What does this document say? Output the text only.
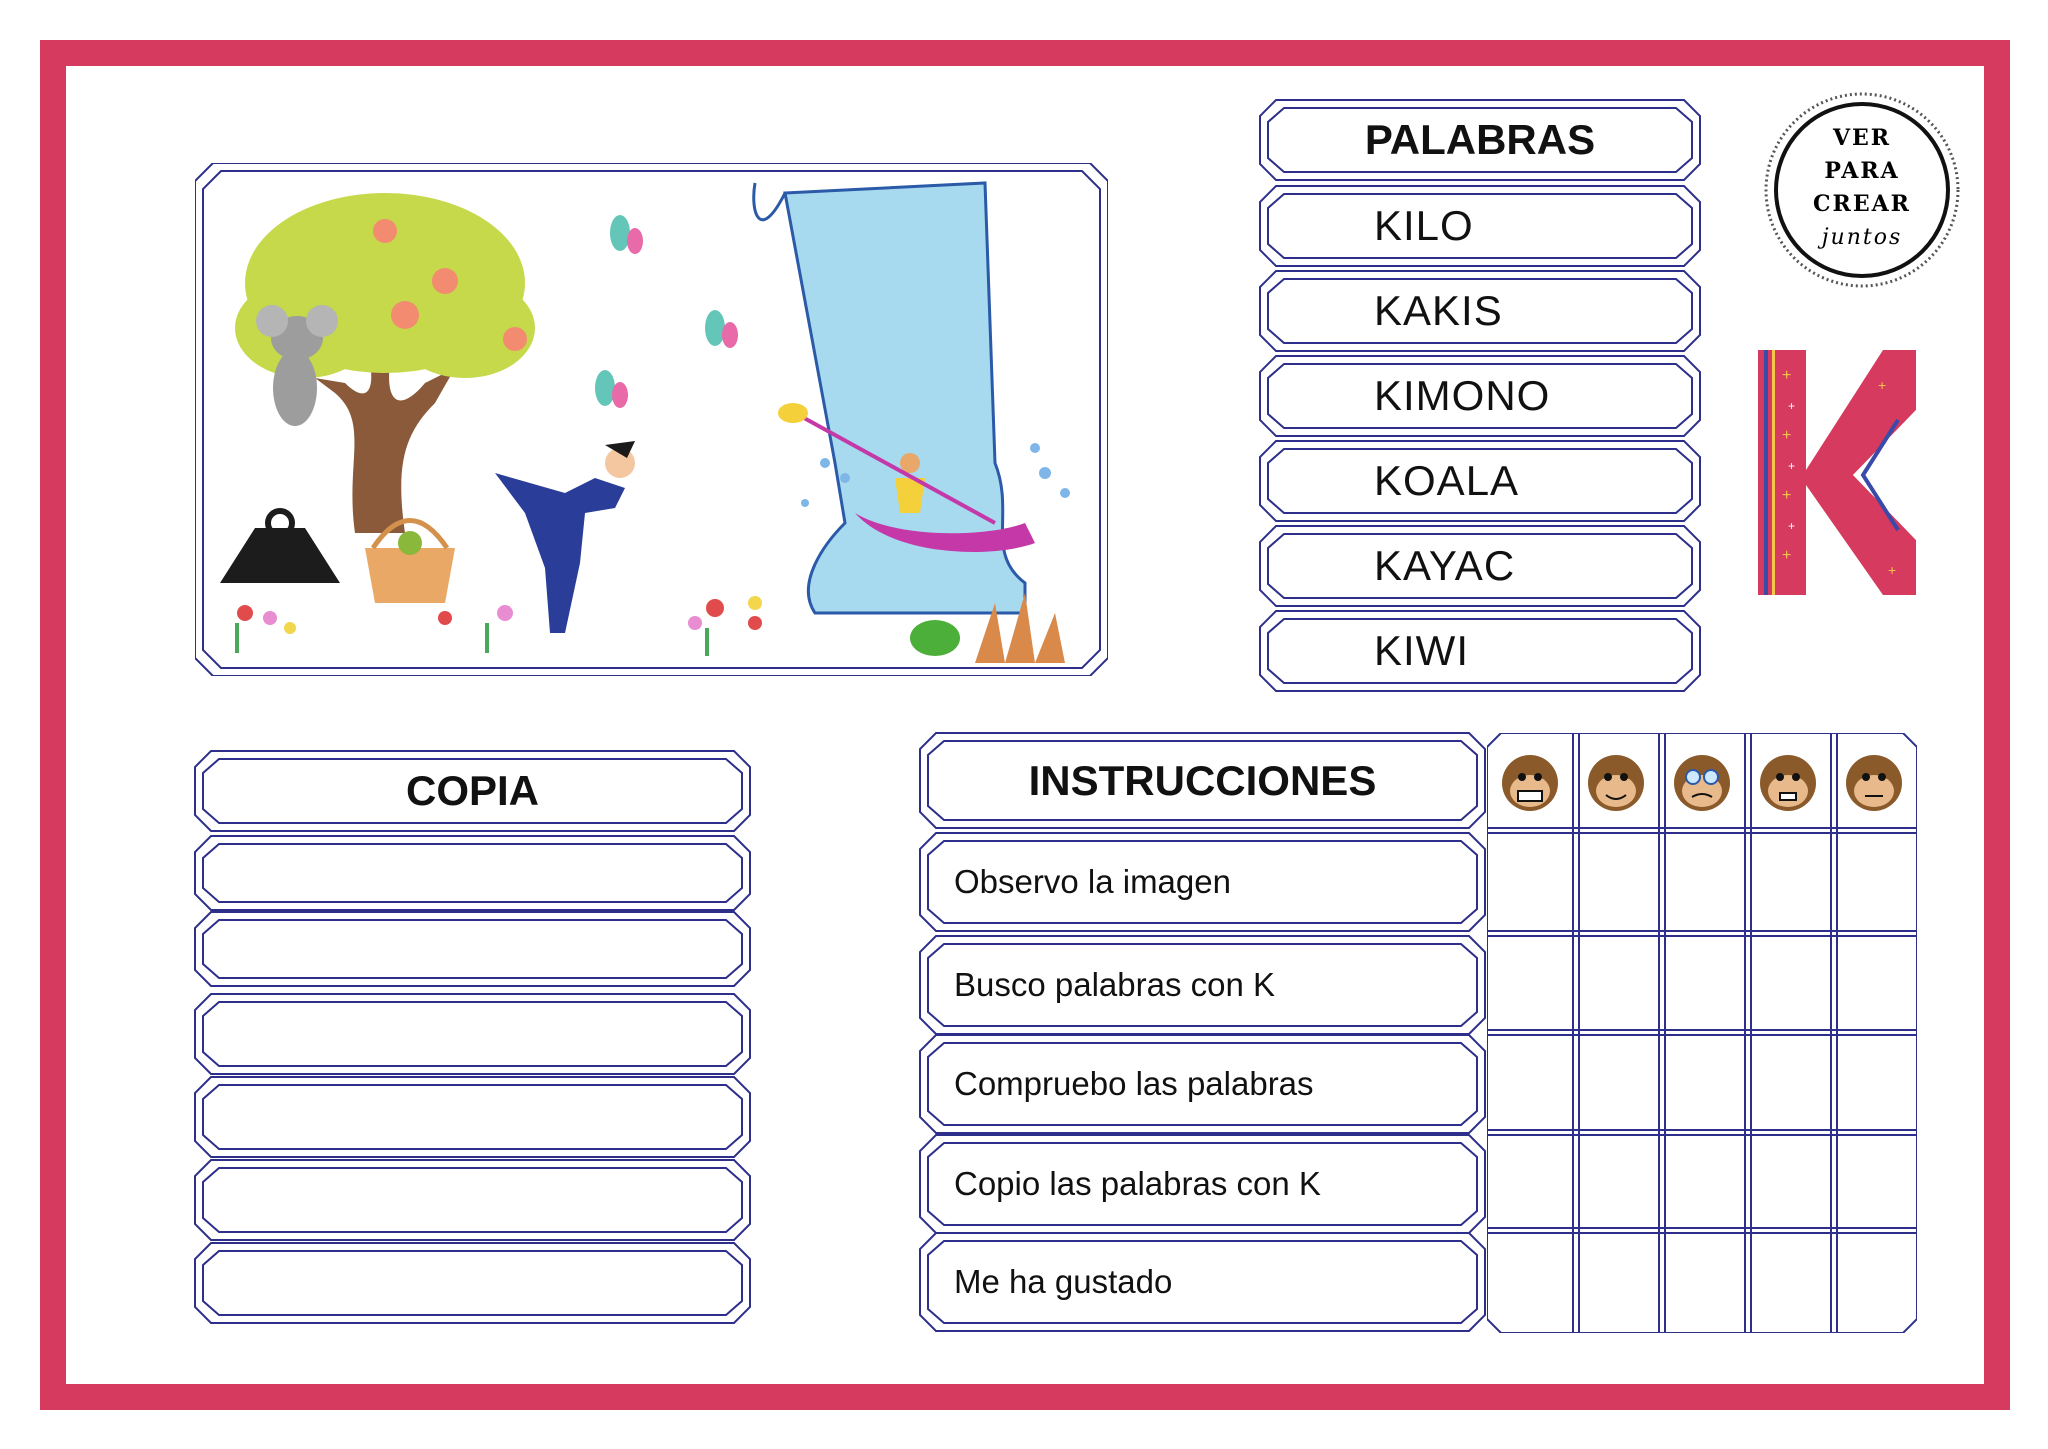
PALABRAS
KILO
KAKIS
KIMONO
KOALA
KAYAC
KIWI
VER
PARA
CREAR
juntos
+
+
+
+
+
+
+
+
+
COPIA	INSTRUCCIONES
Observo la imagen
Busco palabras con K
Compruebo las palabras
Copio las palabras con K
Me ha gustado
